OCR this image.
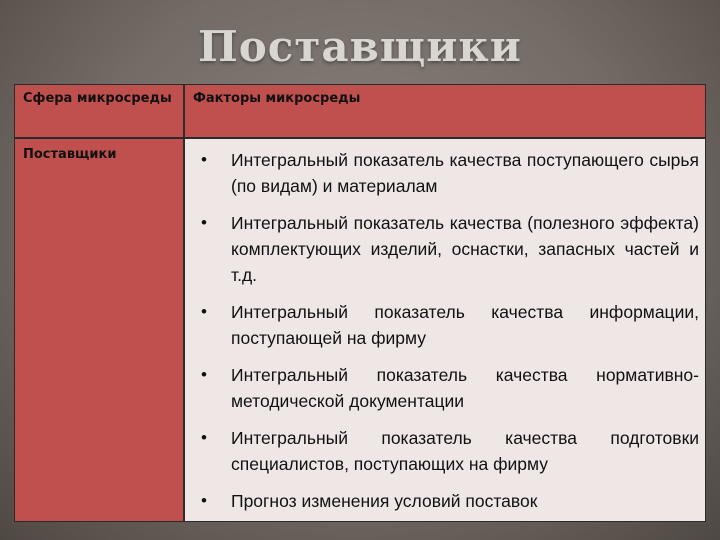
Поставщики
Сфера микросреды Факторы микросреды
Поставщики	• Интегральный показатель качества поступающего сырья (по видам) и материалам
• Интегральный показатель качества (полезного эффекта) комплектующих изделий, оснастки, запасных частей и т.д.
• Интегральный показатель качества информации, поступающей на фирму
• Интегральный показатель качества нормативно-методической документации
• Интегральный показатель качества подготовки специалистов, поступающих на фирму
• Прогноз изменения условий поставок
